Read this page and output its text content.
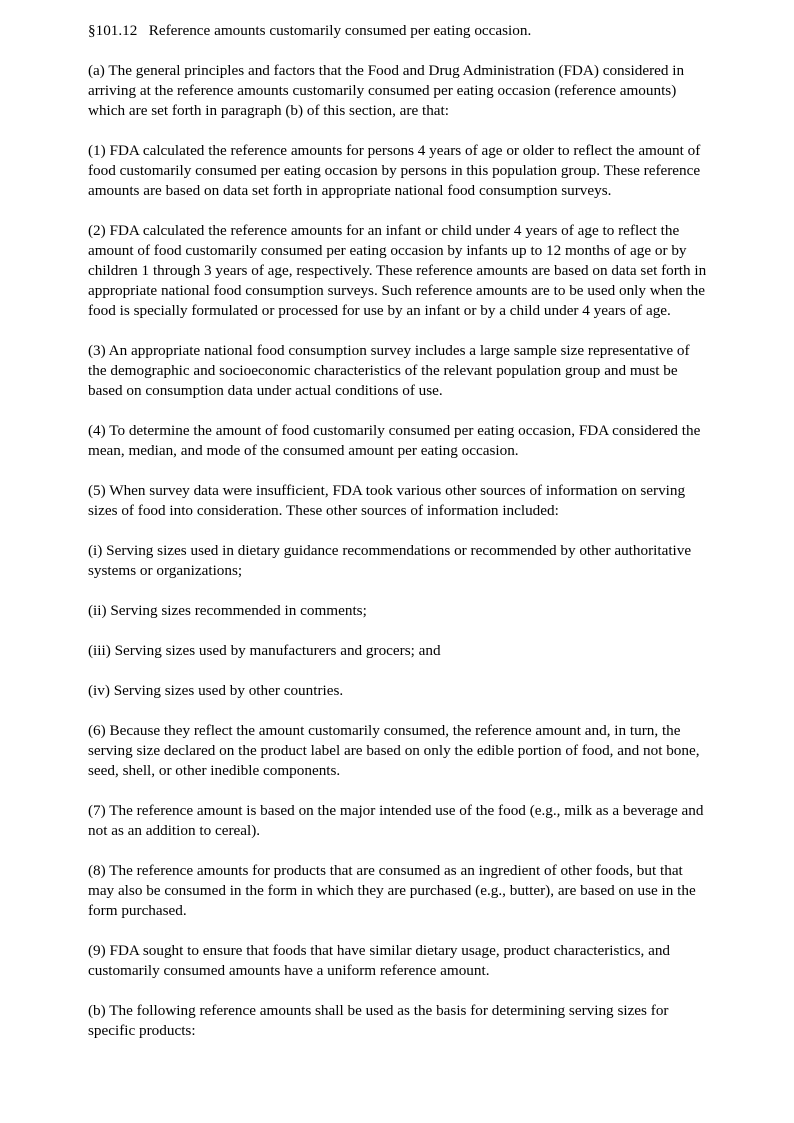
§101.12   Reference amounts customarily consumed per eating occasion.
(a) The general principles and factors that the Food and Drug Administration (FDA) considered in arriving at the reference amounts customarily consumed per eating occasion (reference amounts) which are set forth in paragraph (b) of this section, are that:
(1) FDA calculated the reference amounts for persons 4 years of age or older to reflect the amount of food customarily consumed per eating occasion by persons in this population group. These reference amounts are based on data set forth in appropriate national food consumption surveys.
(2) FDA calculated the reference amounts for an infant or child under 4 years of age to reflect the amount of food customarily consumed per eating occasion by infants up to 12 months of age or by children 1 through 3 years of age, respectively. These reference amounts are based on data set forth in appropriate national food consumption surveys. Such reference amounts are to be used only when the food is specially formulated or processed for use by an infant or by a child under 4 years of age.
(3) An appropriate national food consumption survey includes a large sample size representative of the demographic and socioeconomic characteristics of the relevant population group and must be based on consumption data under actual conditions of use.
(4) To determine the amount of food customarily consumed per eating occasion, FDA considered the mean, median, and mode of the consumed amount per eating occasion.
(5) When survey data were insufficient, FDA took various other sources of information on serving sizes of food into consideration. These other sources of information included:
(i) Serving sizes used in dietary guidance recommendations or recommended by other authoritative systems or organizations;
(ii) Serving sizes recommended in comments;
(iii) Serving sizes used by manufacturers and grocers; and
(iv) Serving sizes used by other countries.
(6) Because they reflect the amount customarily consumed, the reference amount and, in turn, the serving size declared on the product label are based on only the edible portion of food, and not bone, seed, shell, or other inedible components.
(7) The reference amount is based on the major intended use of the food (e.g., milk as a beverage and not as an addition to cereal).
(8) The reference amounts for products that are consumed as an ingredient of other foods, but that may also be consumed in the form in which they are purchased (e.g., butter), are based on use in the form purchased.
(9) FDA sought to ensure that foods that have similar dietary usage, product characteristics, and customarily consumed amounts have a uniform reference amount.
(b) The following reference amounts shall be used as the basis for determining serving sizes for specific products:
